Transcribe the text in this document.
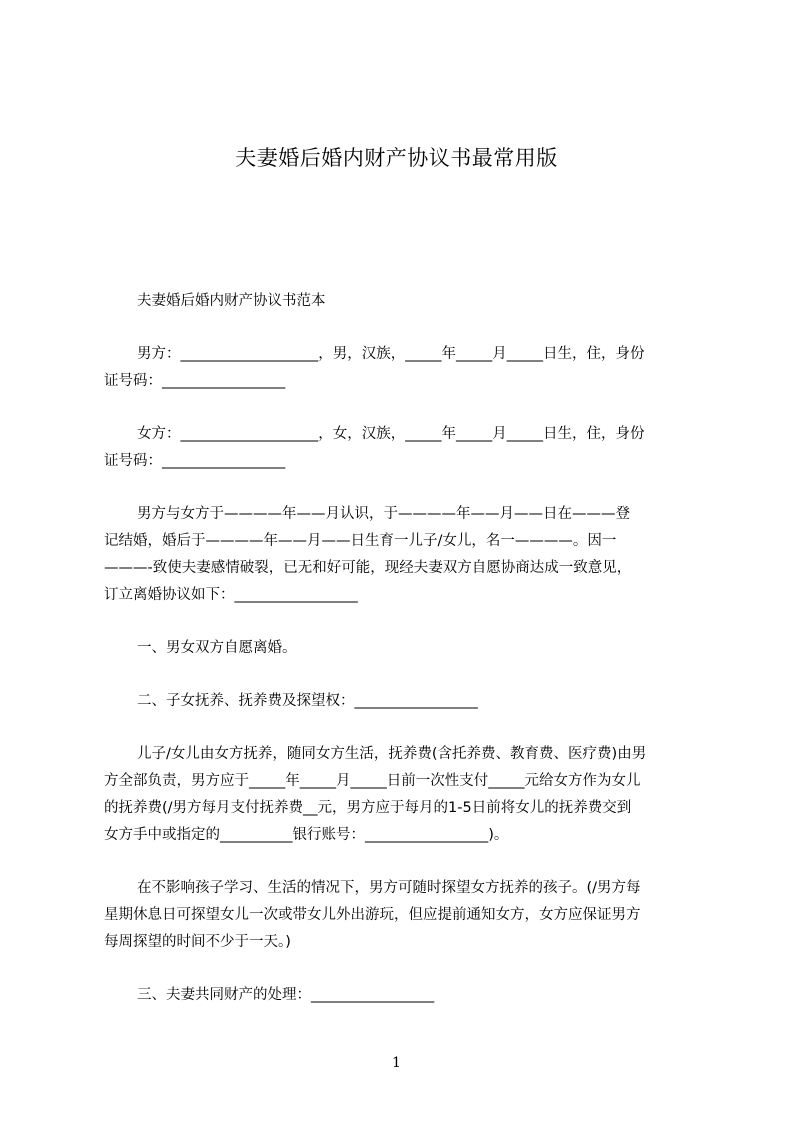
夫妻婚后婚内财产协议书最常用版

夫妻婚后婚内财产协议书范本

男方：___________________，男，汉族，_____年_____月_____日生，住，身份

证号码：_________________

女方：___________________，女，汉族，_____年_____月_____日生，住，身份

证号码：_________________

男方与女方于————年——月认识，于————年——月——日在———登

记结婚，婚后于————年——月——日生育一儿子/女儿，名一————。因一

———-致使夫妻感情破裂，已无和好可能，现经夫妻双方自愿协商达成一致意见，

订立离婚协议如下：_________________

一、男女双方自愿离婚。

二、子女抚养、抚养费及探望权：_________________

儿子/女儿由女方抚养，随同女方生活，抚养费(含托养费、教育费、医疗费)由男

方全部负责，男方应于_____年_____月_____日前一次性支付_____元给女方作为女儿

的抚养费(/男方每月支付抚养费__元，男方应于每月的1-5日前将女儿的抚养费交到

女方手中或指定的__________银行账号：_________________)。

在不影响孩子学习、生活的情况下，男方可随时探望女方抚养的孩子。(/男方每

星期休息日可探望女儿一次或带女儿外出游玩，但应提前通知女方，女方应保证男方

每周探望的时间不少于一天。)

三、夫妻共同财产的处理：_________________

1
